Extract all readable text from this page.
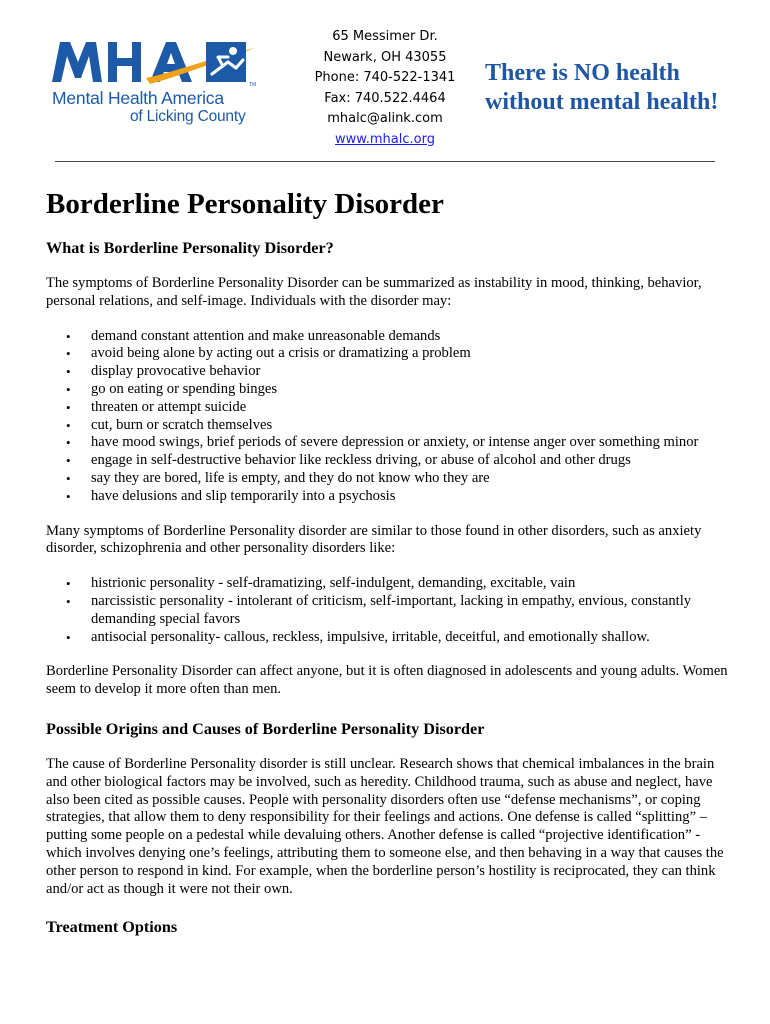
TM
Mental Health America
of Licking County
65 Messimer Dr.
Newark, OH 43055
Phone: 740-522-1341
Fax: 740.522.4464
mhalc@alink.com
www.mhalc.org
There is NO health
without mental health!
Borderline Personality Disorder
What is Borderline Personality Disorder?

The symptoms of Borderline Personality Disorder can be summarized as instability in mood, thinking, behavior, personal relations, and self-image. Individuals with the disorder may:

• demand constant attention and make unreasonable demands
• avoid being alone by acting out a crisis or dramatizing a problem
• display provocative behavior
• go on eating or spending binges
• threaten or attempt suicide
• cut, burn or scratch themselves
• have mood swings, brief periods of severe depression or anxiety, or intense anger over something minor
• engage in self-destructive behavior like reckless driving, or abuse of alcohol and other drugs
• say they are bored, life is empty, and they do not know who they are
• have delusions and slip temporarily into a psychosis

Many symptoms of Borderline Personality disorder are similar to those found in other disorders, such as anxiety disorder, schizophrenia and other personality disorders like:

• histrionic personality - self-dramatizing, self-indulgent, demanding, excitable, vain
• narcissistic personality - intolerant of criticism, self-important, lacking in empathy, envious, constantly demanding special favors
• antisocial personality- callous, reckless, impulsive, irritable, deceitful, and emotionally shallow.

Borderline Personality Disorder can affect anyone, but it is often diagnosed in adolescents and young adults. Women seem to develop it more often than men.

Possible Origins and Causes of Borderline Personality Disorder

The cause of Borderline Personality disorder is still unclear. Research shows that chemical imbalances in the brain and other biological factors may be involved, such as heredity. Childhood trauma, such as abuse and neglect, have also been cited as possible causes. People with personality disorders often use “defense mechanisms”, or coping strategies, that allow them to deny responsibility for their feelings and actions. One defense is called “splitting” – putting some people on a pedestal while devaluing others. Another defense is called “projective identification” - which involves denying one’s feelings, attributing them to someone else, and then behaving in a way that causes the other person to respond in kind. For example, when the borderline person’s hostility is reciprocated, they can think and/or act as though it were not their own.

Treatment Options
